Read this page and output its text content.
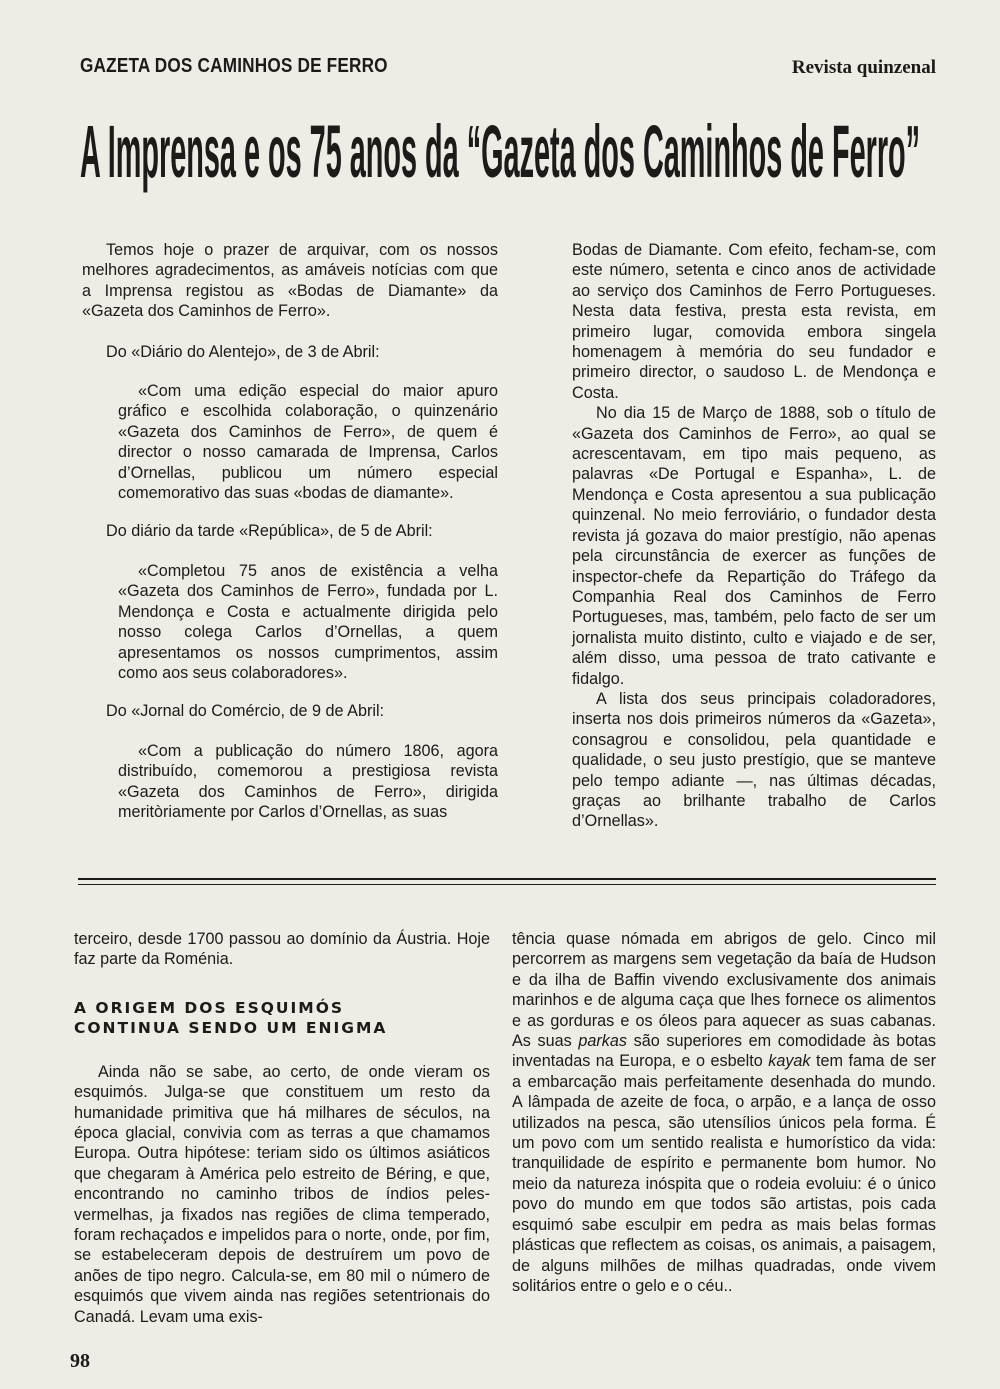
GAZETA DOS CAMINHOS DE FERRO	Revista quinzenal
A Imprensa e os 75 anos da “Gazeta dos Caminhos de Ferro”

Temos hoje o prazer de arquivar, com os nossos melhores agradecimentos, as amáveis notícias com que a Imprensa registou as «Bodas de Diamante» da «Gazeta dos Caminhos de Ferro».

Do «Diário do Alentejo», de 3 de Abril:

«Com uma edição especial do maior apuro gráfico e escolhida colaboração, o quinzenário «Gazeta dos Caminhos de Ferro», de quem é director o nosso camarada de Imprensa, Carlos d’Ornellas, publicou um número especial comemorativo das suas «bodas de diamante».

Do diário da tarde «República», de 5 de Abril:

«Completou 75 anos de existência a velha «Gazeta dos Caminhos de Ferro», fundada por L. Mendonça e Costa e actualmente dirigida pelo nosso colega Carlos d’Ornellas, a quem apresentamos os nossos cumprimentos, assim como aos seus colaboradores».

Do «Jornal do Comércio, de 9 de Abril:

«Com a publicação do número 1806, agora distribuído, comemorou a prestigiosa revista «Gazeta dos Caminhos de Ferro», dirigida meritòriamente por Carlos d’Ornellas, as suas

Bodas de Diamante. Com efeito, fecham-se, com este número, setenta e cinco anos de actividade ao serviço dos Caminhos de Ferro Portugueses. Nesta data festiva, presta esta revista, em primeiro lugar, comovida embora singela homenagem à memória do seu fundador e primeiro director, o saudoso L. de Mendonça e Costa.

No dia 15 de Março de 1888, sob o título de «Gazeta dos Caminhos de Ferro», ao qual se acrescentavam, em tipo mais pequeno, as palavras «De Portugal e Espanha», L. de Mendonça e Costa apresentou a sua publicação quinzenal. No meio ferroviário, o fundador desta revista já gozava do maior prestígio, não apenas pela circunstância de exercer as funções de inspector-chefe da Repartição do Tráfego da Companhia Real dos Caminhos de Ferro Portugueses, mas, também, pelo facto de ser um jornalista muito distinto, culto e viajado e de ser, além disso, uma pessoa de trato cativante e fidalgo.

A lista dos seus principais coladoradores, inserta nos dois primeiros números da «Gazeta», consagrou e consolidou, pela quantidade e qualidade, o seu justo prestígio, que se manteve pelo tempo adiante —, nas últimas décadas, graças ao brilhante trabalho de Carlos d’Ornellas».

terceiro, desde 1700 passou ao domínio da Áustria. Hoje faz parte da Roménia.

A ORIGEM DOS ESQUIMÓS

CONTINUA SENDO UM ENIGMA

Ainda não se sabe, ao certo, de onde vieram os esquimós. Julga-se que constituem um resto da humanidade primitiva que há milhares de séculos, na época glacial, convivia com as terras a que chamamos Europa. Outra hipótese: teriam sido os últimos asiáticos que chegaram à América pelo estreito de Béring, e que, encontrando no caminho tribos de índios peles-vermelhas, ja fixados nas regiões de clima temperado, foram rechaçados e impelidos para o norte, onde, por fim, se estabeleceram depois de destruírem um povo de anões de tipo negro. Calcula-se, em 80 mil o número de esquimós que vivem ainda nas regiões setentrionais do Canadá. Levam uma exis-

tência quase nómada em abrigos de gelo. Cinco mil percorrem as margens sem vegetação da baía de Hudson e da ilha de Baffin vivendo exclusivamente dos animais marinhos e de alguma caça que lhes fornece os alimentos e as gorduras e os óleos para aquecer as suas cabanas. As suas parkas são superiores em comodidade às botas inventadas na Europa, e o esbelto kayak tem fama de ser a embarcação mais perfeitamente desenhada do mundo. A lâmpada de azeite de foca, o arpão, e a lança de osso utilizados na pesca, são utensílios únicos pela forma. É um povo com um sentido realista e humorístico da vida: tranquilidade de espírito e permanente bom humor. No meio da natureza inóspita que o rodeia evoluiu: é o único povo do mundo em que todos são artistas, pois cada esquimó sabe esculpir em pedra as mais belas formas plásticas que reflectem as coisas, os animais, a paisagem, de alguns milhões de milhas quadradas, onde vivem solitários entre o gelo e o céu..

98
